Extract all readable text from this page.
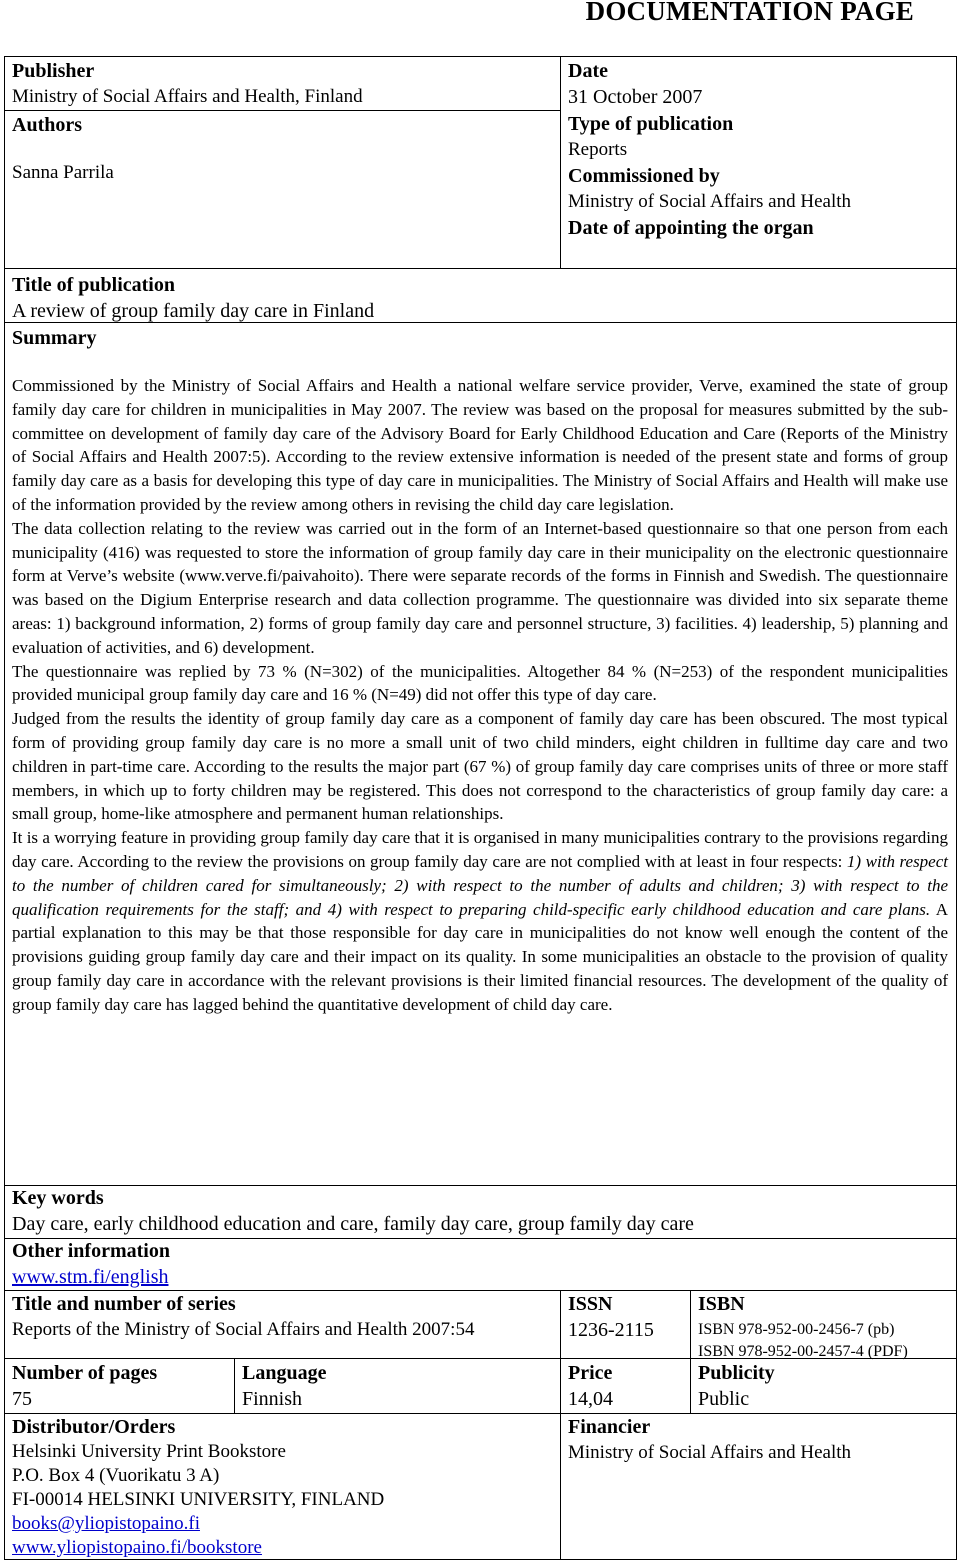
DOCUMENTATION PAGE
Publisher
Ministry of Social Affairs and Health, Finland
Authors
Sanna Parrila
Date
31 October 2007
Type of publication
Reports
Commissioned by
Ministry of Social Affairs and Health
Date of appointing the organ
Title of publication
A review of group family day care in Finland
Summary

Commissioned by the Ministry of Social Affairs and Health a national welfare service provider, Verve, examined the state of group family day care for children in municipalities in May 2007. The review was based on the proposal for measures submitted by the sub-committee on development of family day care of the Advisory Board for Early Childhood Education and Care (Reports of the Ministry of Social Affairs and Health 2007:5). According to the review extensive information is needed of the present state and forms of group family day care as a basis for developing this type of day care in municipalities. The Ministry of Social Affairs and Health will make use of the information provided by the review among others in revising the child day care legislation.

The data collection relating to the review was carried out in the form of an Internet-based questionnaire so that one person from each municipality (416) was requested to store the information of group family day care in their municipality on the electronic questionnaire form at Verve’s website (www.verve.fi/paivahoito). There were separate records of the forms in Finnish and Swedish. The questionnaire was based on the Digium Enterprise research and data collection programme. The questionnaire was divided into six separate theme areas: 1) background information, 2) forms of group family day care and personnel structure, 3) facilities. 4) leadership, 5) planning and evaluation of activities, and 6) development.

The questionnaire was replied by 73 % (N=302) of the municipalities. Altogether 84 % (N=253) of the respondent municipalities provided municipal group family day care and 16 % (N=49) did not offer this type of day care.

Judged from the results the identity of group family day care as a component of family day care has been obscured. The most typical form of providing group family day care is no more a small unit of two child minders, eight children in fulltime day care and two children in part-time care. According to the results the major part (67 %) of group family day care comprises units of three or more staff members, in which up to forty children may be registered. This does not correspond to the characteristics of group family day care: a small group, home-like atmosphere and permanent human relationships.

It is a worrying feature in providing group family day care that it is organised in many municipalities contrary to the provisions regarding day care. According to the review the provisions on group family day care are not complied with at least in four respects: 1) with respect to the number of children cared for simultaneously; 2) with respect to the number of adults and children; 3) with respect to the qualification requirements for the staff; and 4) with respect to preparing child-specific early childhood education and care plans. A partial explanation to this may be that those responsible for day care in municipalities do not know well enough the content of the provisions guiding group family day care and their impact on its quality. In some municipalities an obstacle to the provision of quality group family day care in accordance with the relevant provisions is their limited financial resources. The development of the quality of group family day care has lagged behind the quantitative development of child day care.

Key words
Day care, early childhood education and care, family day care, group family day care
Other information
www.stm.fi/english
Title and number of series
Reports of the Ministry of Social Affairs and Health 2007:54
ISSN
1236-2115
ISBN
ISBN 978-952-00-2456-7 (pb)
ISBN 978-952-00-2457-4 (PDF)
Number of pages
75
Language
Finnish
Price
14,04
Publicity
Public
Distributor/Orders
Helsinki University Print Bookstore
P.O. Box 4 (Vuorikatu 3 A)
FI-00014 HELSINKI UNIVERSITY, FINLAND
books@yliopistopaino.fi
www.yliopistopaino.fi/bookstore
Financier
Ministry of Social Affairs and Health
